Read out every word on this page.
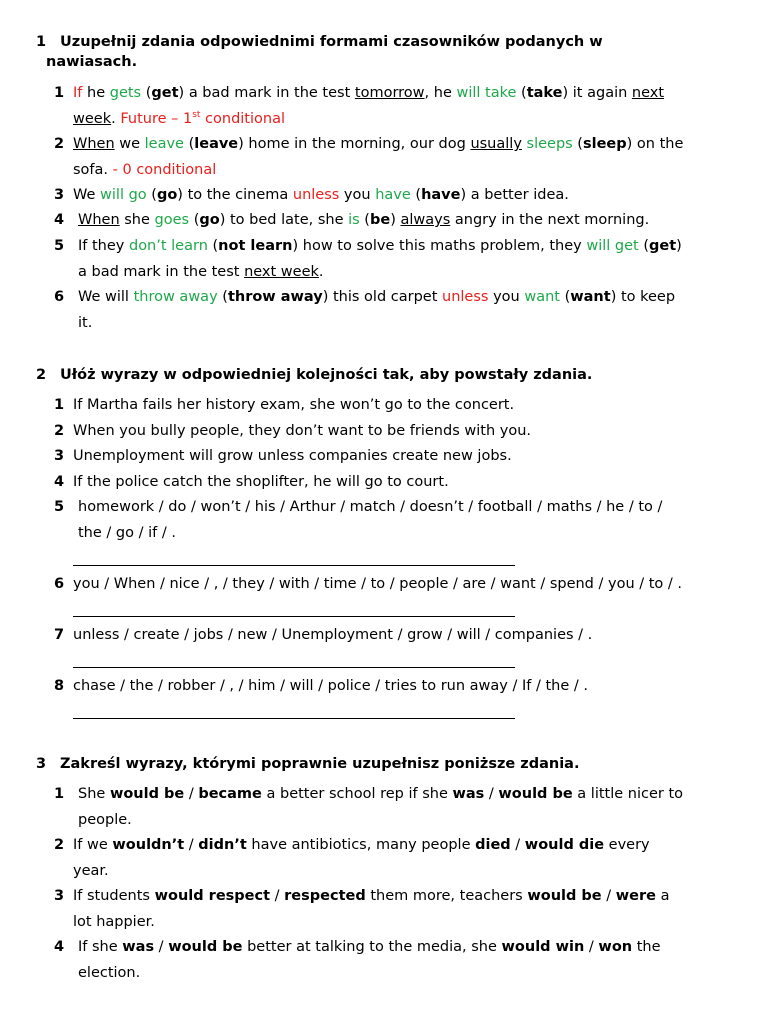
1 Uzupełnij zdania odpowiednimi formami czasowników podanych w
nawiasach.
1 If he gets (get) a bad mark in the test tomorrow, he will take (take) it again next
week. Future – 1st conditional
2 When we leave (leave) home in the morning, our dog usually sleeps (sleep) on the
sofa. - 0 conditional
3 We will go (go) to the cinema unless you have (have) a better idea.
4 When she goes (go) to bed late, she is (be) always angry in the next morning.
5 If they don’t learn (not learn) how to solve this maths problem, they will get (get)
a bad mark in the test next week.
6 We will throw away (throw away) this old carpet unless you want (want) to keep
it.
2 Ułóż wyrazy w odpowiedniej kolejności tak, aby powstały zdania.
1 If Martha fails her history exam, she won’t go to the concert.
2 When you bully people, they don’t want to be friends with you.
3 Unemployment will grow unless companies create new jobs.
4 If the police catch the shoplifter, he will go to court.
5 homework / do / won’t / his / Arthur / match / doesn’t / football / maths / he / to /
the / go / if / .
6 you / When / nice / , / they / with / time / to / people / are / want / spend / you / to / .
7 unless / create / jobs / new / Unemployment / grow / will / companies / .
8 chase / the / robber / , / him / will / police / tries to run away / If / the / .
3 Zakreśl wyrazy, którymi poprawnie uzupełnisz poniższe zdania.
1 She would be / became a better school rep if she was / would be a little nicer to
people.
2 If we wouldn’t / didn’t have antibiotics, many people died / would die every
year.
3 If students would respect / respected them more, teachers would be / were a
lot happier.
4 If she was / would be better at talking to the media, she would win / won the
election.
